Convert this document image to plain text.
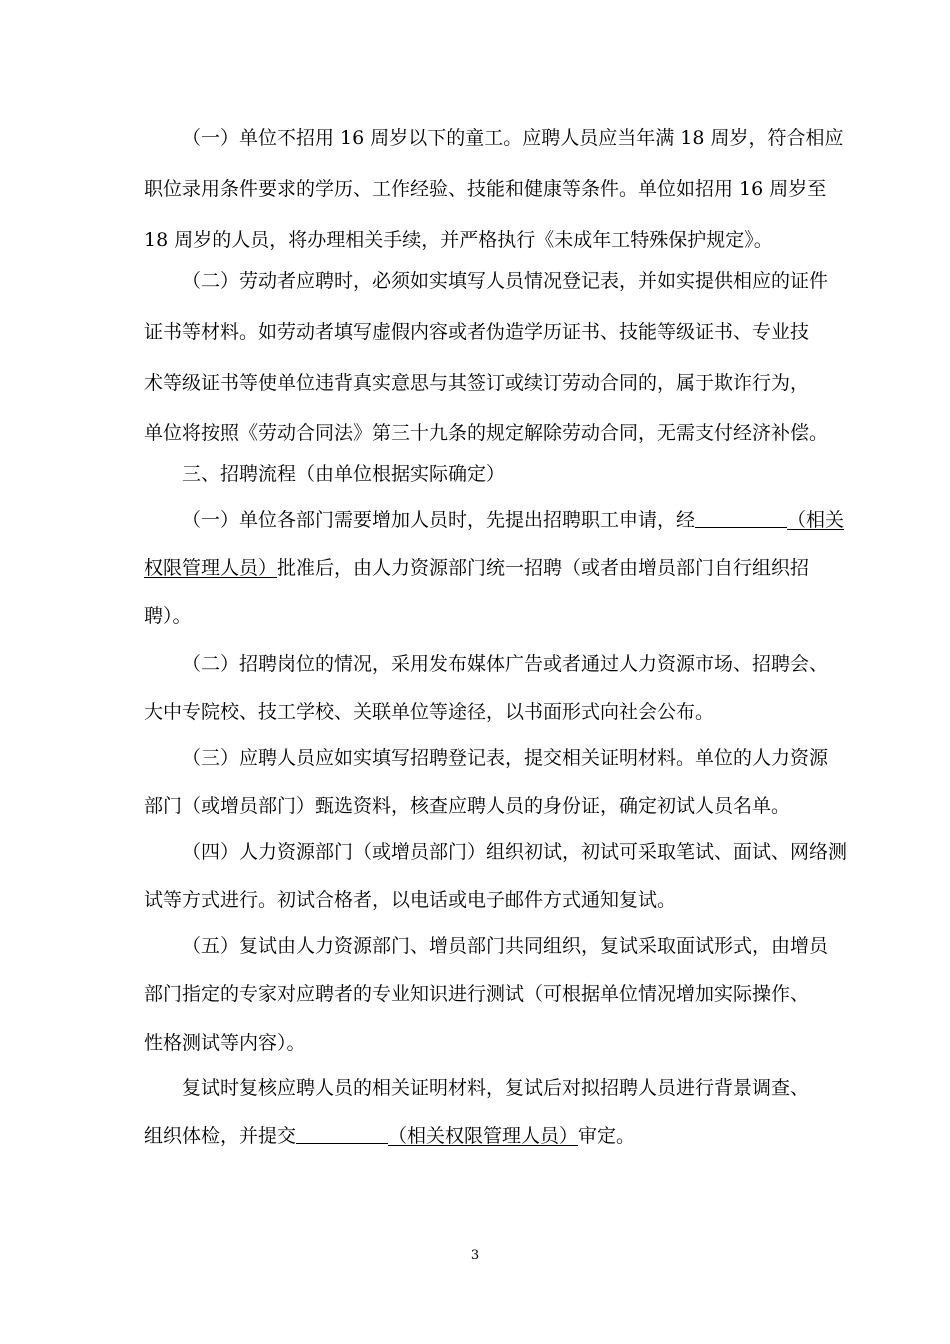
（一）单位不招用 16 周岁以下的童工。应聘人员应当年满 18 周岁，符合相应
职位录用条件要求的学历、工作经验、技能和健康等条件。单位如招用 16 周岁至
18 周岁的人员，将办理相关手续，并严格执行《未成年工特殊保护规定》。
（二）劳动者应聘时，必须如实填写人员情况登记表，并如实提供相应的证件
证书等材料。如劳动者填写虚假内容或者伪造学历证书、技能等级证书、专业技
术等级证书等使单位违背真实意思与其签订或续订劳动合同的，属于欺诈行为，
单位将按照《劳动合同法》第三十九条的规定解除劳动合同，无需支付经济补偿。
三、招聘流程（由单位根据实际确定）
（一）单位各部门需要增加人员时，先提出招聘职工申请，经	（相关
权限管理人员）批准后，由人力资源部门统一招聘（或者由增员部门自行组织招
聘）。
（二）招聘岗位的情况，采用发布媒体广告或者通过人力资源市场、招聘会、
大中专院校、技工学校、关联单位等途径，以书面形式向社会公布。
（三）应聘人员应如实填写招聘登记表，提交相关证明材料。单位的人力资源
部门（或增员部门）甄选资料，核查应聘人员的身份证，确定初试人员名单。
（四）人力资源部门（或增员部门）组织初试，初试可采取笔试、面试、网络测
试等方式进行。初试合格者，以电话或电子邮件方式通知复试。
（五）复试由人力资源部门、增员部门共同组织，复试采取面试形式，由增员
部门指定的专家对应聘者的专业知识进行测试（可根据单位情况增加实际操作、
性格测试等内容）。
复试时复核应聘人员的相关证明材料，复试后对拟招聘人员进行背景调查、
组织体检，并提交	（相关权限管理人员）审定。
3
